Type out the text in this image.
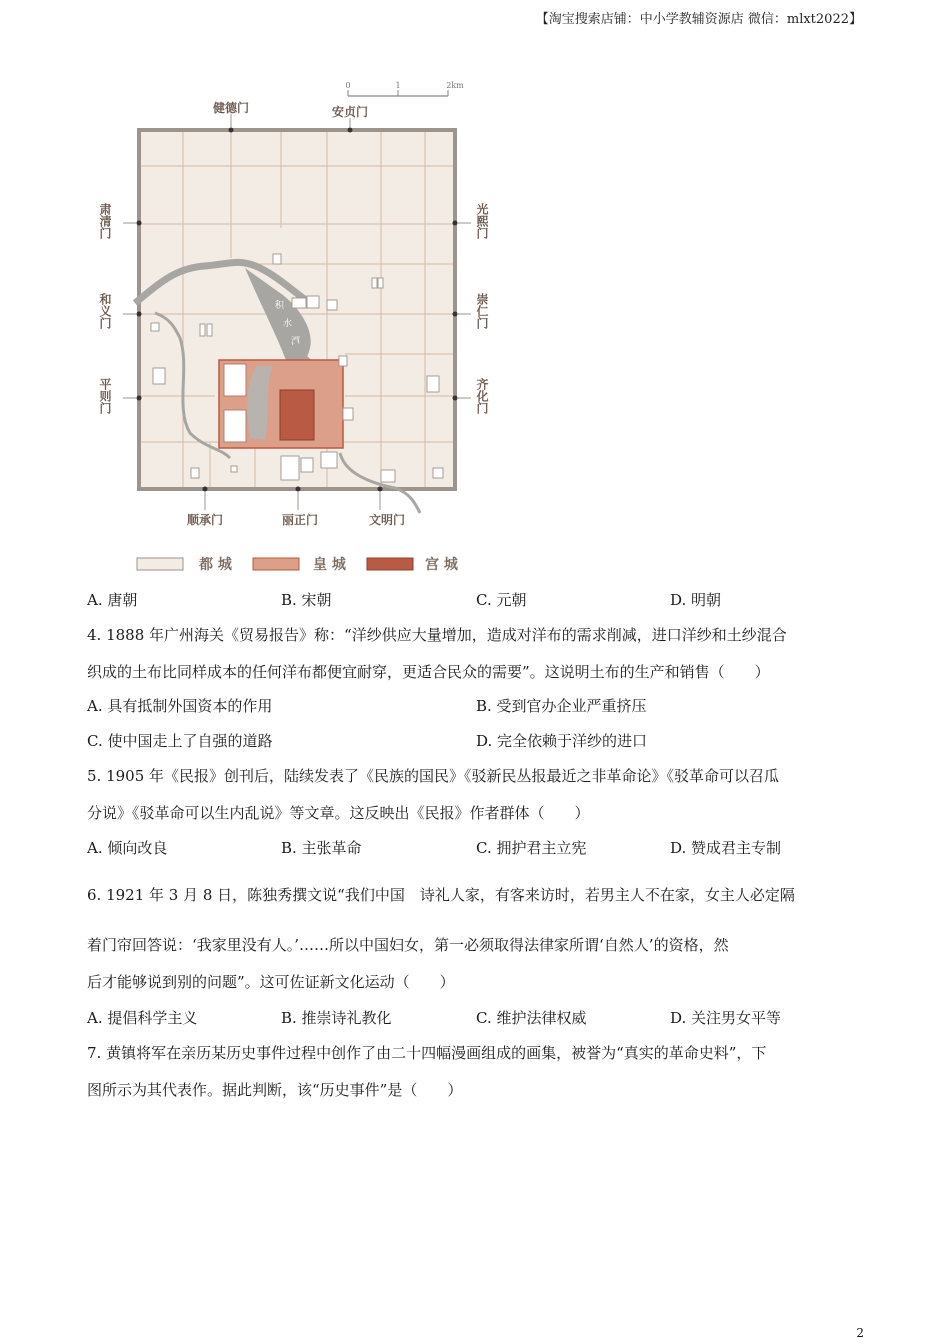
【淘宝搜索店铺：中小学教辅资源店 微信：mlxt2022】
0	1	2km
积
水
潭
健德门	安贞门
顺承门	丽正门	文明门
肃清门
和义门
平则门
光熙门
崇仁门
齐化门
都 城	皇 城	宫 城
A. 唐朝	B. 宋朝	C. 元朝	D. 明朝
4. 1888 年广州海关《贸易报告》称：“洋纱供应大量增加，造成对洋布的需求削减，进口洋纱和土纱混合
织成的土布比同样成本的任何洋布都便宜耐穿，更适合民众的需要”。这说明土布的生产和销售（　　）
A. 具有抵制外国资本的作用	B. 受到官办企业严重挤压
C. 使中国走上了自强的道路	D. 完全依赖于洋纱的进口
5. 1905 年《民报》创刊后，陆续发表了《民族的国民》《驳新民丛报最近之非革命论》《驳革命可以召瓜
分说》《驳革命可以生内乱说》等文章。这反映出《民报》作者群体（　　）
A. 倾向改良	B. 主张革命	C. 拥护君主立宪	D. 赞成君主专制
6. 1921 年 3 月 8 日，陈独秀撰文说“我们中国　诗礼人家，有客来访时，若男主人不在家，女主人必定隔
着门帘回答说：‘我家里没有人。’……所以中国妇女，第一必须取得法律家所谓‘自然人’的资格，然
后才能够说到别的问题”。这可佐证新文化运动（　　）
A. 提倡科学主义	B. 推崇诗礼教化	C. 维护法律权威	D. 关注男女平等
7. 黄镇将军在亲历某历史事件过程中创作了由二十四幅漫画组成的画集，被誉为“真实的革命史料”，下
图所示为其代表作。据此判断，该“历史事件”是（　　）
2
